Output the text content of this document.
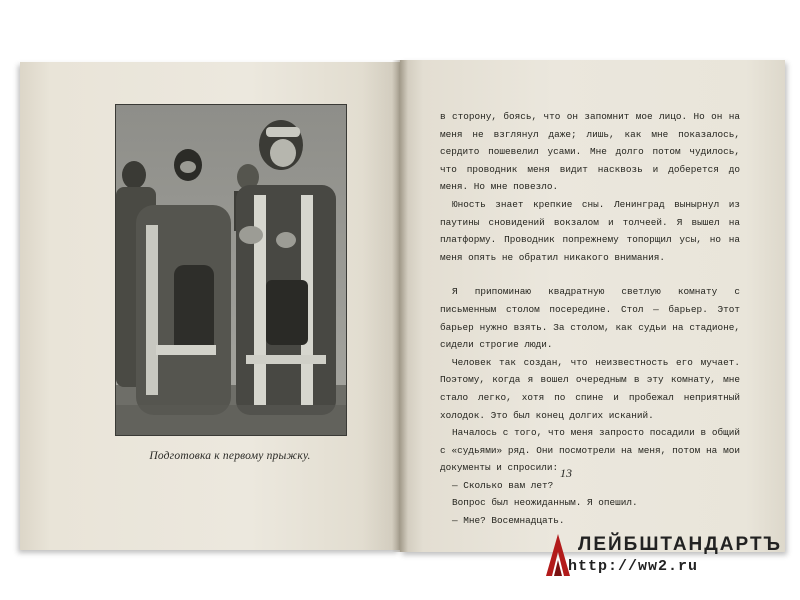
Подготовка к первому прыжку.

в сторону, боясь, что он запомнит мое лицо. Но он на меня не взглянул даже; лишь, как мне показалось, сердито пошевелил усами. Мне долго потом чудилось, что проводник меня видит насквозь и доберется до меня. Но мне повезло.

Юность знает крепкие сны. Ленинград вынырнул из паутины сновидений вокзалом и толчеей. Я вышел на платформу. Проводник попрежнему топорщил усы, но на меня опять не обратил никакого внимания.

Я припоминаю квадратную светлую комнату с письменным столом посередине. Стол — барьер. Этот барьер нужно взять. За столом, как судьи на стадионе, сидели строгие люди.

Человек так создан, что неизвестность его мучает. Поэтому, когда я вошел очередным в эту комнату, мне стало легко, хотя по спине и пробежал неприятный холодок. Это был конец долгих исканий.

Началось с того, что меня запросто посадили в общий с «судьями» ряд. Они посмотрели на меня, потом на мои документы и спросили:

— Сколько вам лет?

Вопрос был неожиданным. Я опешил.

— Мне? Восемнадцать.

13
ЛЕЙБШТАНДАРТЪ
http://ww2.ru
